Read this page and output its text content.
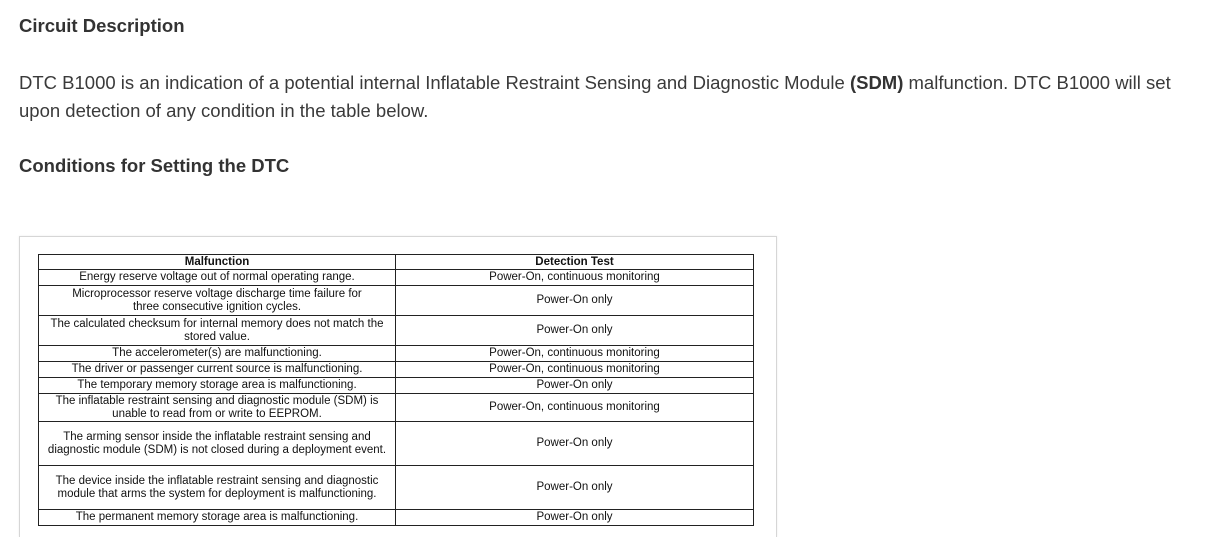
Circuit Description

DTC B1000 is an indication of a potential internal Inflatable Restraint Sensing and Diagnostic Module (SDM) malfunction. DTC B1000 will set upon detection of any condition in the table below.

Conditions for Setting the DTC
Malfunction	Detection Test
Energy reserve voltage out of normal operating range.	Power-On, continuous monitoring
Microprocessor reserve voltage discharge time failure for three consecutive ignition cycles.	Power-On only
The calculated checksum for internal memory does not match the stored value.	Power-On only
The accelerometer(s) are malfunctioning.	Power-On, continuous monitoring
The driver or passenger current source is malfunctioning.	Power-On, continuous monitoring
The temporary memory storage area is malfunctioning.	Power-On only
The inflatable restraint sensing and diagnostic module (SDM) is unable to read from or write to EEPROM.	Power-On, continuous monitoring
The arming sensor inside the inflatable restraint sensing and diagnostic module (SDM) is not closed during a deployment event.	Power-On only
The device inside the inflatable restraint sensing and diagnostic module that arms the system for deployment is malfunctioning.	Power-On only
The permanent memory storage area is malfunctioning.	Power-On only
